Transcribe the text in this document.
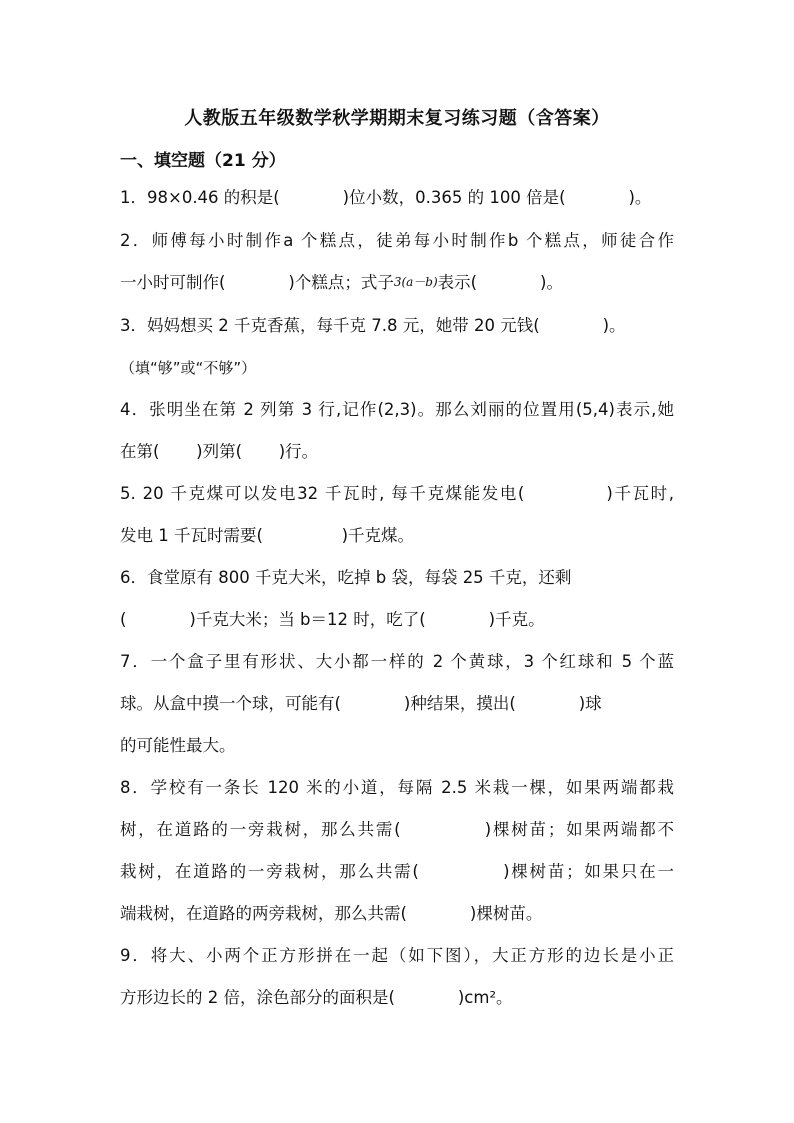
人教版五年级数学秋学期期末复习练习题（含答案）
一、填空题（21 分）
1．98×0.46 的积是(            )位小数，0.365 的 100 倍是(            )。
2．师傅每小时制作a 个糕点，徒弟每小时制作b 个糕点，师徒合作
一小时可制作(            )个糕点；式子3(a－b)表示(            )。
3．妈妈想买 2 千克香蕉，每千克 7.8 元，她带 20 元钱(            )。
（填“够”或“不够”）
4．张明坐在第 2 列第 3 行,记作(2,3)。那么刘丽的位置用(5,4)表示,她
在第(       )列第(       )行。
5. 20 千克煤可以发电32 千瓦时, 每千克煤能发电(            )千瓦时,
发电 1 千瓦时需要(               )千克煤。
6．食堂原有 800 千克大米，吃掉 b 袋，每袋 25 千克，还剩
(            )千克大米；当 b＝12 时，吃了(            )千克。
7．一个盒子里有形状、大小都一样的 2 个黄球，3 个红球和 5 个蓝
球。从盒中摸一个球，可能有(            )种结果，摸出(            )球
的可能性最大。
8．学校有一条长 120 米的小道，每隔 2.5 米栽一棵，如果两端都栽
树，在道路的一旁栽树，那么共需(            )棵树苗；如果两端都不
栽树，在道路的一旁栽树，那么共需(            )棵树苗；如果只在一
端栽树，在道路的两旁栽树，那么共需(            )棵树苗。
9．将大、小两个正方形拼在一起（如下图），大正方形的边长是小正
方形边长的 2 倍，涂色部分的面积是(            )cm²。
